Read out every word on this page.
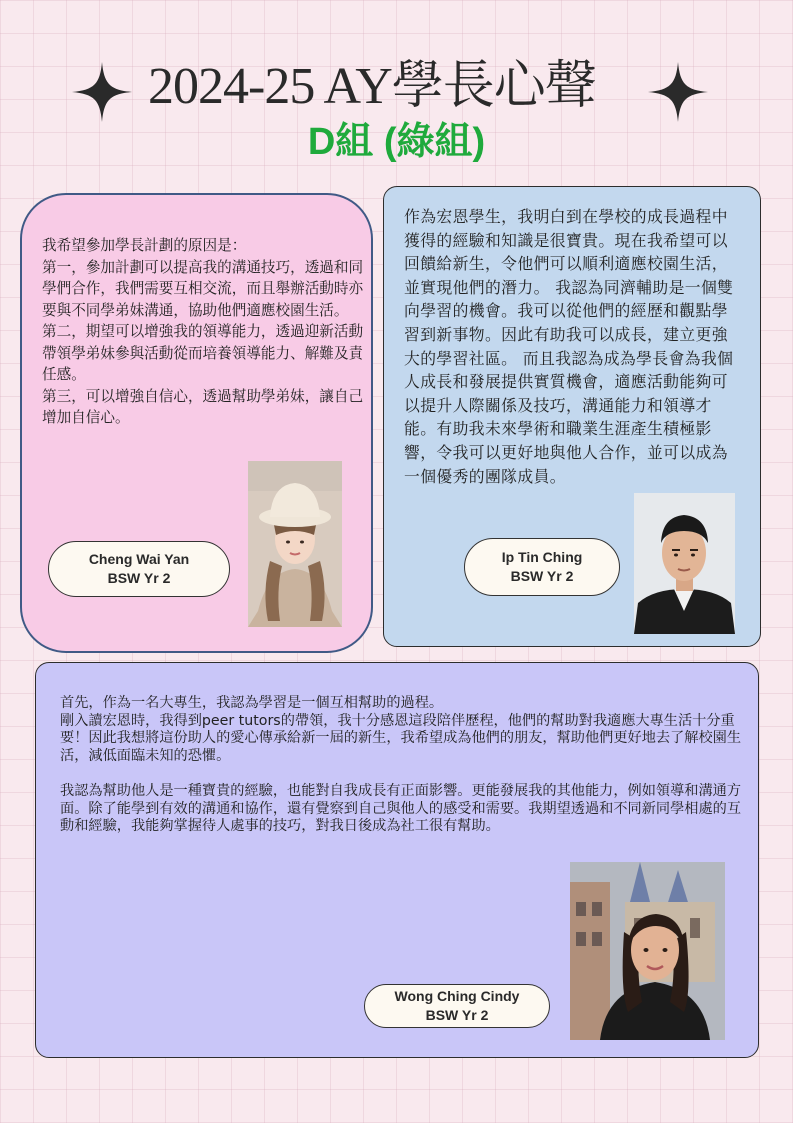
2024-25 AY學長心聲
D組 (綠組)
我希望參加學長計劃的原因是：
第一，參加計劃可以提高我的溝通技巧，透過和同學們合作，我們需要互相交流，而且舉辦活動時亦要與不同學弟妹溝通，協助他們適應校園生活。
第二，期望可以增強我的領導能力，透過迎新活動帶領學弟妹參與活動從而培養領導能力、解難及責任感。
第三，可以增強自信心，透過幫助學弟妹，讓自己增加自信心。
Cheng Wai Yan
BSW Yr 2
作為宏恩學生，我明白到在學校的成長過程中獲得的經驗和知識是很寶貴。現在我希望可以回饋給新生，令他們可以順利適應校園生活，並實現他們的潛力。 我認為同濟輔助是一個雙向學習的機會。我可以從他們的經歷和觀點學習到新事物。因此有助我可以成長，建立更強大的學習社區。 而且我認為成為學長會為我個人成長和發展提供實質機會，適應活動能夠可以提升人際關係及技巧，溝通能力和領導才能。有助我未來學術和職業生涯產生積極影響，令我可以更好地與他人合作，並可以成為一個優秀的團隊成員。
Ip Tin Ching
BSW Yr 2
首先，作為一名大專生，我認為學習是一個互相幫助的過程。
剛入讀宏恩時，我得到peer tutors的帶領，我十分感恩這段陪伴歷程，他們的幫助對我適應大專生活十分重要！因此我想將這份助人的愛心傳承給新一屆的新生，我希望成為他們的朋友，幫助他們更好地去了解校園生活，減低面臨未知的恐懼。

我認為幫助他人是一種寶貴的經驗，也能對自我成長有正面影響。更能發展我的其他能力，例如領導和溝通方面。除了能學到有效的溝通和協作，還有覺察到自己與他人的感受和需要。我期望透過和不同新同學相處的互動和經驗，我能夠掌握待人處事的技巧，對我日後成為社工很有幫助。
Wong Ching Cindy
BSW Yr 2
